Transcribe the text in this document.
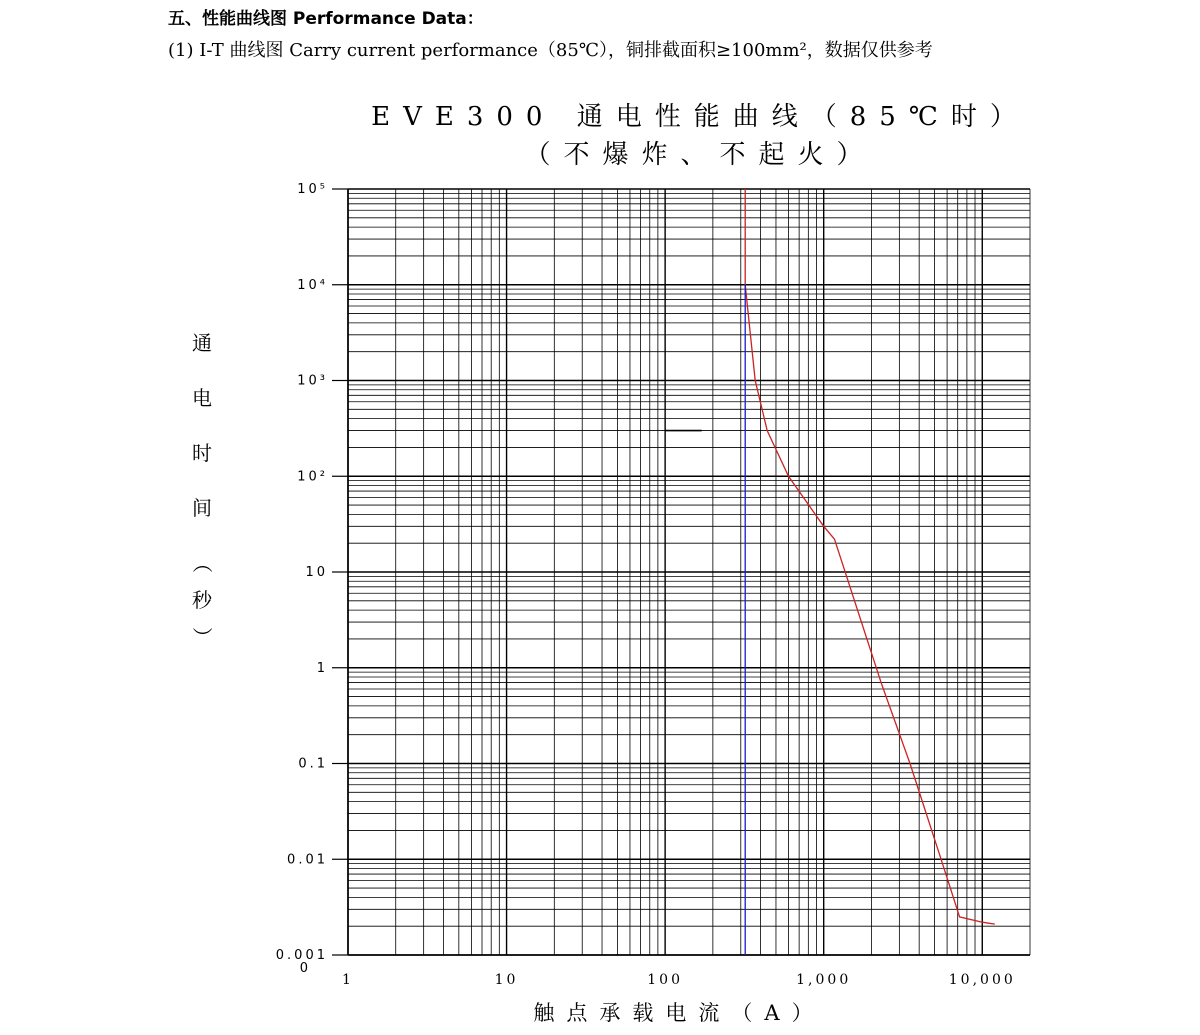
五、性能曲线图 Performance Data：
(1) I-T 曲线图 Carry current performance（85℃），铜排截面积≥100mm²，数据仅供参考
EVE300 通电性能曲线（85℃时）
（不爆炸、不起火）
10⁵
10⁴
10³
10²
10
1
0.1
0.01
0.001
0
1	10	100	1,000	10,000
触点承载电流（A）
通
电
时
间
（
秒
）
